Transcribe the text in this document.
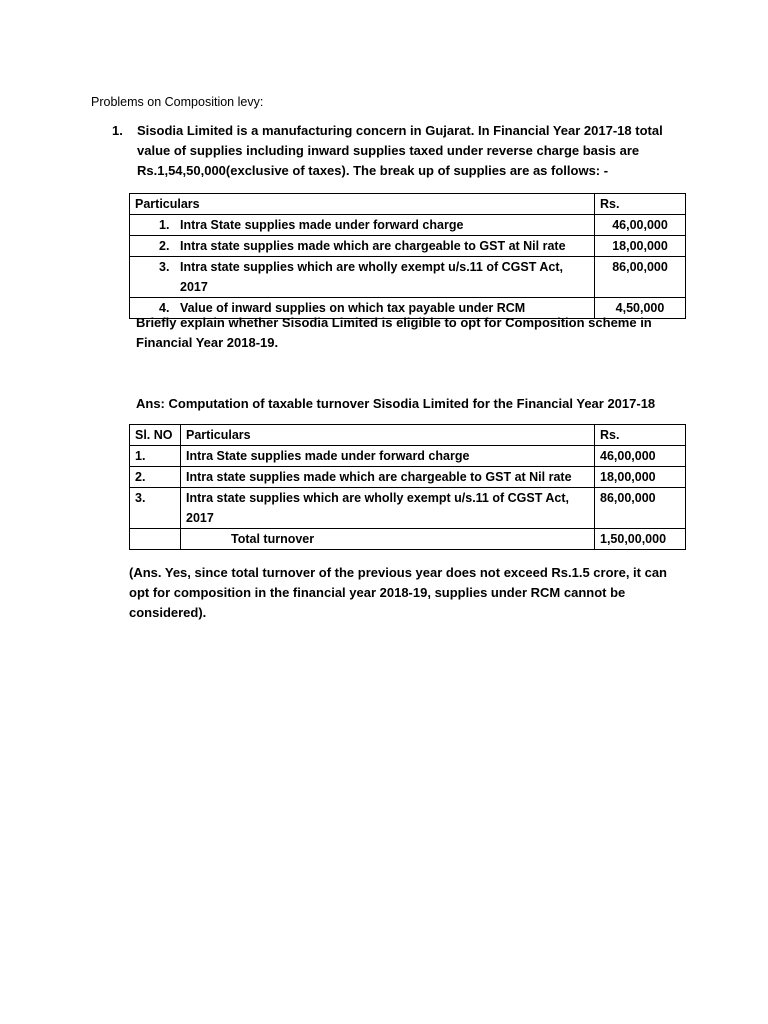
Problems on Composition levy:
1. Sisodia Limited is a manufacturing concern in Gujarat. In Financial Year 2017-18 total value of supplies including inward supplies taxed under reverse charge basis are Rs.1,54,50,000(exclusive of taxes). The break up of supplies are as follows: -
Particulars	Rs.

1. Intra State supplies made under forward charge	46,00,000

2. Intra state supplies made which are chargeable to GST at Nil rate	18,00,000

3. Intra state supplies which are wholly exempt u/s.11 of CGST Act, 2017	86,00,000

4. Value of inward supplies on which tax payable under RCM	4,50,000
Briefly explain whether Sisodia Limited is eligible to opt for Composition scheme in Financial Year 2018-19.
Ans: Computation of taxable turnover Sisodia Limited for the Financial Year 2017-18
Sl. NO	Particulars	Rs.
1.	Intra State supplies made under forward charge	46,00,000
2.	Intra state supplies made which are chargeable to GST at Nil rate	18,00,000
3.	Intra state supplies which are wholly exempt u/s.11 of CGST Act, 2017	86,00,000
	Total turnover	1,50,00,000
(Ans. Yes, since total turnover of the previous year does not exceed Rs.1.5 crore, it can opt for composition in the financial year 2018-19, supplies under RCM cannot be considered).
